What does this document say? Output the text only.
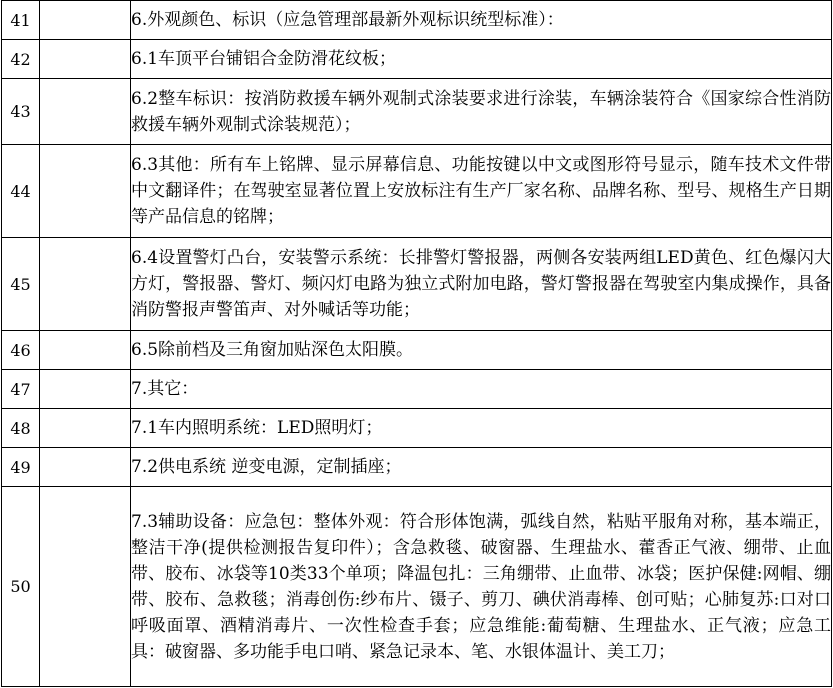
41		6.外观颜色、标识（应急管理部最新外观标识统型标准）：
42		6.1车顶平台铺铝合金防滑花纹板；
43		6.2整车标识：按消防救援车辆外观制式涂装要求进行涂装，车辆涂装符合《国家综合性消防救援车辆外观制式涂装规范）；
44		6.3其他：所有车上铭牌、显示屏幕信息、功能按键以中文或图形符号显示，随车技术文件带中文翻译件；在驾驶室显著位置上安放标注有生产厂家名称、品牌名称、型号、规格生产日期等产品信息的铭牌；
45		6.4设置警灯凸台，安装警示系统：长排警灯警报器，两侧各安装两组LED黄色、红色爆闪大方灯，警报器、警灯、频闪灯电路为独立式附加电路，警灯警报器在驾驶室内集成操作，具备消防警报声警笛声、对外喊话等功能；
46		6.5除前档及三角窗加贴深色太阳膜。
47		7.其它：
48		7.1车内照明系统：LED照明灯；
49		7.2供电系统 逆变电源，定制插座；
50		7.3辅助设备：应急包：整体外观：符合形体饱满，弧线自然，粘贴平服角对称，基本端正，整洁干净(提供检测报告复印件）；含急救毯、破窗器、生理盐水、藿香正气液、绷带、止血带、胶布、冰袋等10类33个单项；降温包扎：三角绷带、止血带、冰袋；医护保健:网帽、绷带、胶布、急救毯；消毒创伤:纱布片、镊子、剪刀、碘伏消毒棒、创可贴；心肺复苏:口对口呼吸面罩、酒精消毒片、一次性检查手套；应急维能:葡萄糖、生理盐水、正气液；应急工具：破窗器、多功能手电口哨、紧急记录本、笔、水银体温计、美工刀；
